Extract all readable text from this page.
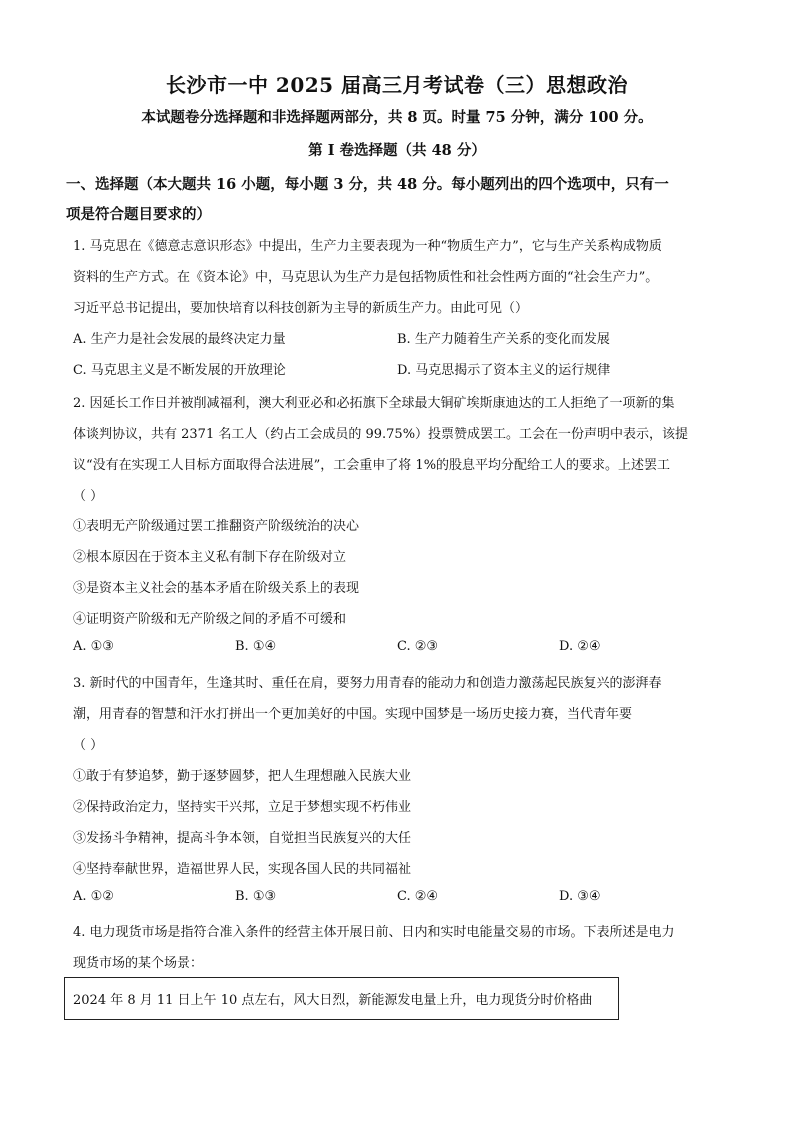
长沙市一中 2025 届高三月考试卷（三）思想政治
本试题卷分选择题和非选择题两部分，共 8 页。时量 75 分钟，满分 100 分。
第 I 卷选择题（共 48 分）
一、选择题（本大题共 16 小题，每小题 3 分，共 48 分。每小题列出的四个选项中，只有一
项是符合题目要求的）
1. 马克思在《德意志意识形态》中提出，生产力主要表现为一种“物质生产力”，它与生产关系构成物质
资料的生产方式。在《资本论》中，马克思认为生产力是包括物质性和社会性两方面的“社会生产力”。
习近平总书记提出，要加快培育以科技创新为主导的新质生产力。由此可见（）
A. 生产力是社会发展的最终决定力量	B. 生产力随着生产关系的变化而发展
C. 马克思主义是不断发展的开放理论	D. 马克思揭示了资本主义的运行规律
2. 因延长工作日并被削减福利，澳大利亚必和必拓旗下全球最大铜矿埃斯康迪达的工人拒绝了一项新的集
体谈判协议，共有 2371 名工人（约占工会成员的 99.75%）投票赞成罢工。工会在一份声明中表示，该提
议“没有在实现工人目标方面取得合法进展”，工会重申了将 1%的股息平均分配给工人的要求。上述罢工
（ ）
①表明无产阶级通过罢工推翻资产阶级统治的决心
②根本原因在于资本主义私有制下存在阶级对立
③是资本主义社会的基本矛盾在阶级关系上的表现
④证明资产阶级和无产阶级之间的矛盾不可缓和
A. ①③	B. ①④	C. ②③	D. ②④
3. 新时代的中国青年，生逢其时、重任在肩，要努力用青春的能动力和创造力激荡起民族复兴的澎湃春
潮，用青春的智慧和汗水打拼出一个更加美好的中国。实现中国梦是一场历史接力赛，当代青年要
（ ）
①敢于有梦追梦，勤于逐梦圆梦，把人生理想融入民族大业
②保持政治定力，坚持实干兴邦，立足于梦想实现不朽伟业
③发扬斗争精神，提高斗争本领，自觉担当民族复兴的大任
④坚持奉献世界，造福世界人民，实现各国人民的共同福祉
A. ①②	B. ①③	C. ②④	D. ③④
4. 电力现货市场是指符合准入条件的经营主体开展日前、日内和实时电能量交易的市场。下表所述是电力
现货市场的某个场景：
2024 年 8 月 11 日上午 10 点左右，风大日烈，新能源发电量上升，电力现货分时价格曲
